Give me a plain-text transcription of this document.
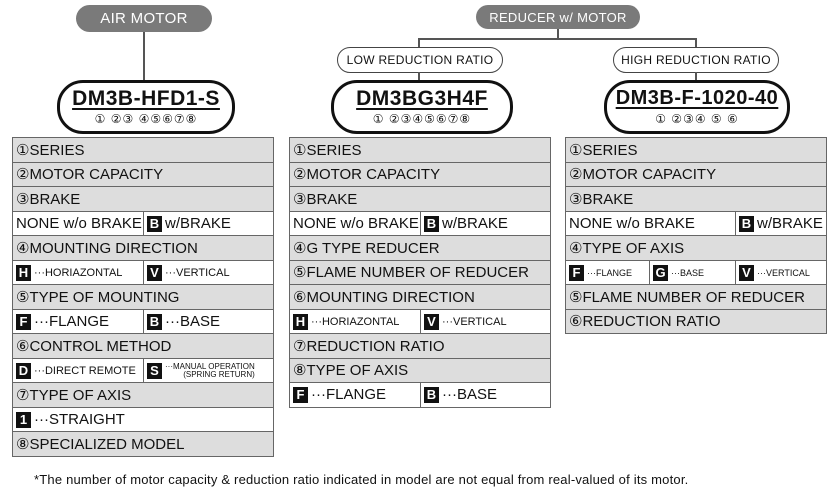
AIR MOTOR
DM3B-HFD1-S
① ②③ ④⑤⑥⑦⑧
①SERIES	
②MOTOR CAPACITY	
③BRAKE	
NONE w/o BRAKE	B w/BRAKE
④MOUNTING DIRECTION	
H ···HORIAZONTAL	V ···VERTICAL
⑤TYPE OF MOUNTING	
F ···FLANGE	B ···BASE
⑥CONTROL METHOD	
D ···DIRECT REMOTE	S ···MANUAL OPERATION
(SPRING RETURN)
⑦TYPE OF AXIS	
1 ···STRAIGHT	
⑧SPECIALIZED MODEL	
REDUCER w/ MOTOR
LOW REDUCTION RATIO	HIGH REDUCTION RATIO
DM3BG3H4F
① ②③④⑤⑥⑦⑧
DM3B-F-1020-40
① ②③④ ⑤ ⑥
①SERIES	
②MOTOR CAPACITY	
③BRAKE	
NONE w/o BRAKE	B w/BRAKE
④G TYPE REDUCER	
⑤FLAME NUMBER OF REDUCER	
⑥MOUNTING DIRECTION	
H ···HORIAZONTAL	V ···VERTICAL
⑦REDUCTION RATIO	
⑧TYPE OF AXIS	
F ···FLANGE	B ···BASE
①SERIES		
②MOTOR CAPACITY		
③BRAKE		
NONE w/o BRAKE		B w/BRAKE
④TYPE OF AXIS		
F ···FLANGE	G ···BASE	V ···VERTICAL
⑤FLAME NUMBER OF REDUCER		
⑥REDUCTION RATIO		
*The number of motor capacity & reduction ratio indicated in model are not equal from real-valued of its motor.
